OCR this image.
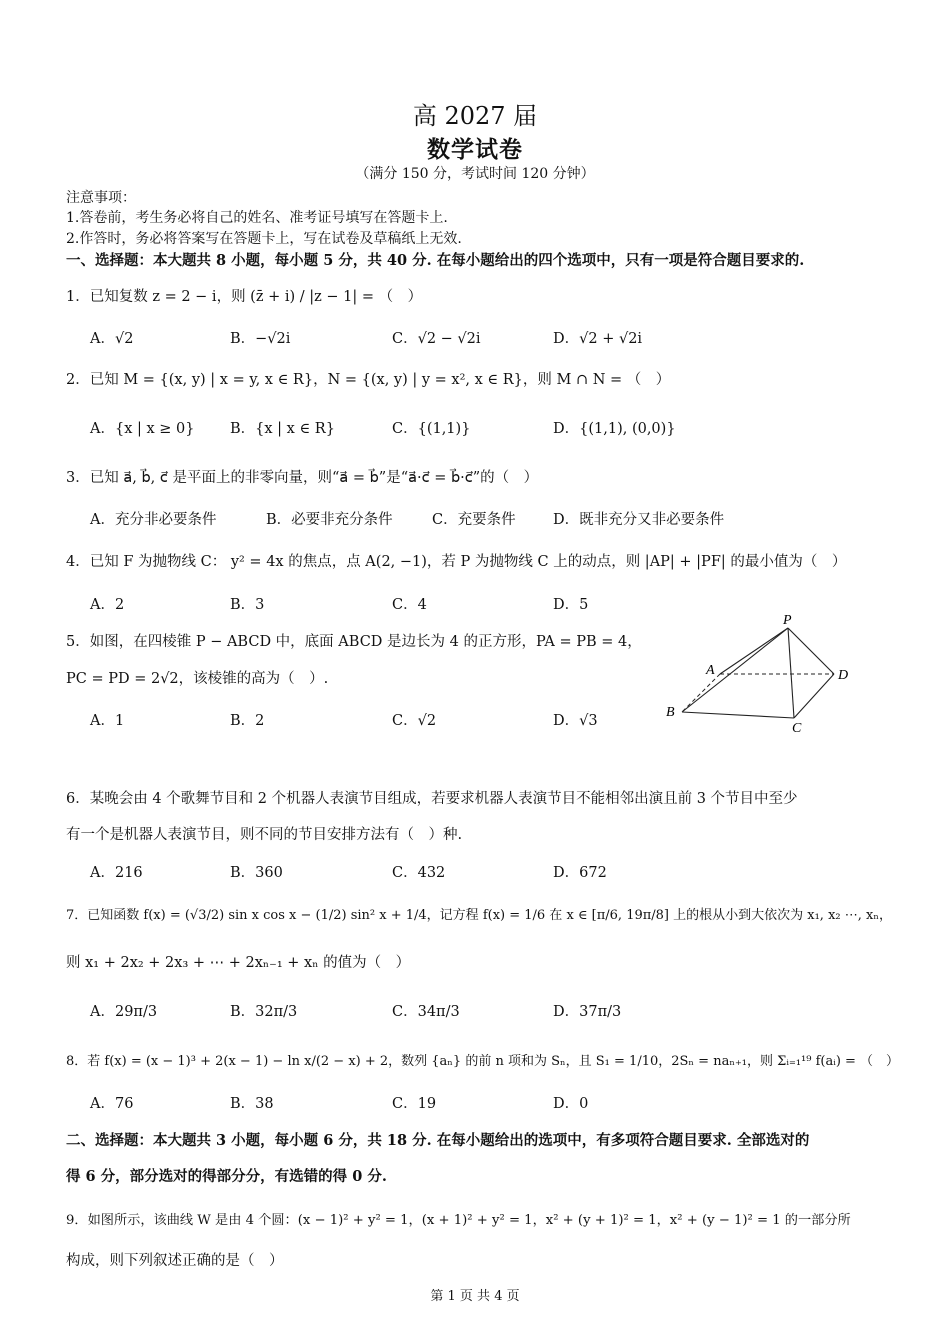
高 2027 届
数学试卷
（满分 150 分，考试时间 120 分钟）
注意事项：
1.答卷前，考生务必将自己的姓名、准考证号填写在答题卡上.
2.作答时，务必将答案写在答题卡上，写在试卷及草稿纸上无效.
一、选择题：本大题共 8 小题，每小题 5 分，共 40 分. 在每小题给出的四个选项中，只有一项是符合题目要求的.
1．已知复数 z = 2 − i，则 (z̄ + i) / |z − 1| = （　）
A．√2	B．−√2i	C．√2 − √2i	D．√2 + √2i
2．已知 M = {(x, y) | x = y, x ∈ R}，N = {(x, y) | y = x², x ∈ R}，则 M ∩ N = （　）
A．{x | x ≥ 0} B．{x | x ∈ R}	C．{(1,1)}	D．{(1,1), (0,0)}
3．已知 a⃗, b⃗, c⃗ 是平面上的非零向量，则“a⃗ = b⃗”是“a⃗·c⃗ = b⃗·c⃗”的（　）
A．充分非必要条件	B．必要非充分条件	C．充要条件	D．既非充分又非必要条件
4．已知 F 为抛物线 C： y² = 4x 的焦点，点 A(2, −1)，若 P 为抛物线 C 上的动点，则 |AP| + |PF| 的最小值为（　）
A．2	B．3	C．4	D．5
5．如图，在四棱锥 P − ABCD 中，底面 ABCD 是边长为 4 的正方形，PA = PB = 4，
PC = PD = 2√2，该棱锥的高为（　）.
A．1	B．2	C．√2	D．√3
P
A	D
B
C
6．某晚会由 4 个歌舞节目和 2 个机器人表演节目组成，若要求机器人表演节目不能相邻出演且前 3 个节目中至少
有一个是机器人表演节目，则不同的节目安排方法有（　）种.
A．216	B．360	C．432	D．672
7．已知函数 f(x) = (√3/2) sin x cos x − (1/2) sin² x + 1/4，记方程 f(x) = 1/6 在 x ∈ [π/6, 19π/8] 上的根从小到大依次为 x₁, x₂ ⋯, xₙ，
则 x₁ + 2x₂ + 2x₃ + ⋯ + 2xₙ₋₁ + xₙ 的值为（　）
A．29π/3	B．32π/3	C．34π/3	D．37π/3
8．若 f(x) = (x − 1)³ + 2(x − 1) − ln x/(2 − x) + 2，数列 {aₙ} 的前 n 项和为 Sₙ，且 S₁ = 1/10，2Sₙ = naₙ₊₁，则 Σᵢ₌₁¹⁹ f(aᵢ) = （　）
A．76	B．38	C．19	D．0
二、选择题：本大题共 3 小题，每小题 6 分，共 18 分. 在每小题给出的选项中，有多项符合题目要求. 全部选对的
得 6 分，部分选对的得部分分，有选错的得 0 分.
9．如图所示，该曲线 W 是由 4 个圆：(x − 1)² + y² = 1，(x + 1)² + y² = 1，x² + (y + 1)² = 1，x² + (y − 1)² = 1 的一部分所
构成，则下列叙述正确的是（　）
第 1 页 共 4 页
